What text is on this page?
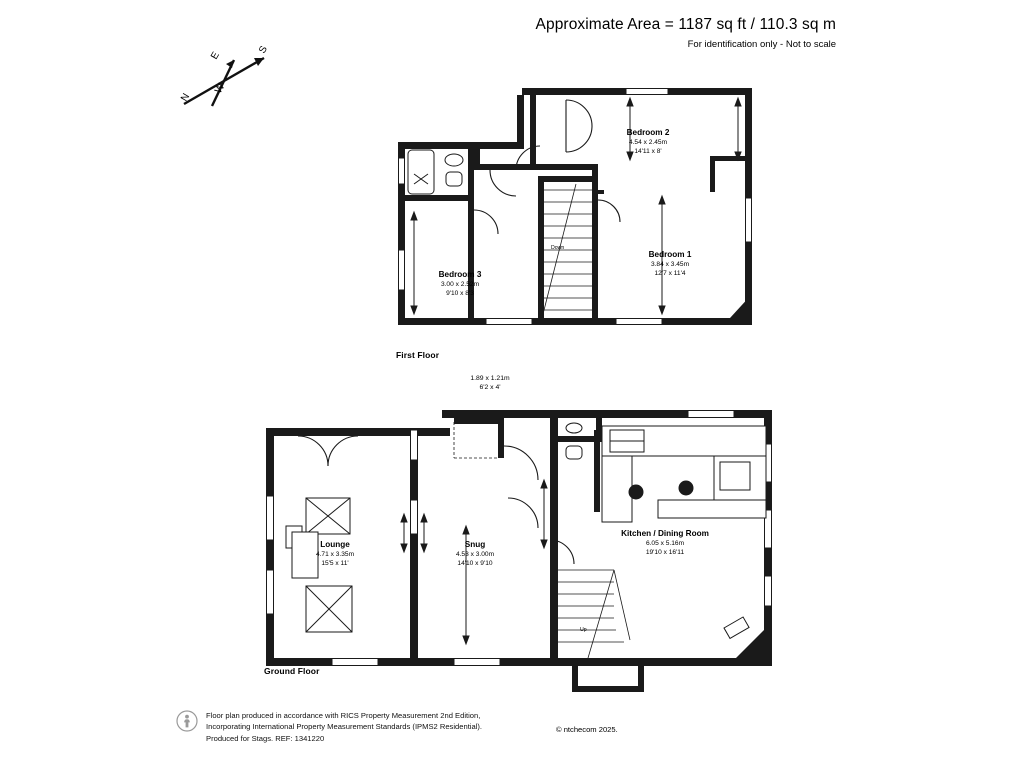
Approximate Area = 1187 sq ft / 110.3 sq m
For identification only - Not to scale
N
E
S
W
First Floor
Bedroom 2
4.54 x 2.45m
14'11 x 8'
Bedroom 1
3.84 x 3.45m
12'7 x 11'4
Bedroom 3
3.00 x 2.52m
9'10 x 8'3
Down
Ground Floor
1.89 x 1.21m
6'2 x 4'
Lounge
4.71 x 3.35m
15'5 x 11'
Snug
4.53 x 3.00m
14'10 x 9'10
Kitchen / Dining Room
6.05 x 5.16m
19'10 x 16'11
Up
Floor plan produced in accordance with RICS Property Measurement 2nd Edition,
Incorporating International Property Measurement Standards (IPMS2 Residential).
Produced for Stags. REF: 1341220
© ntchecom 2025.
